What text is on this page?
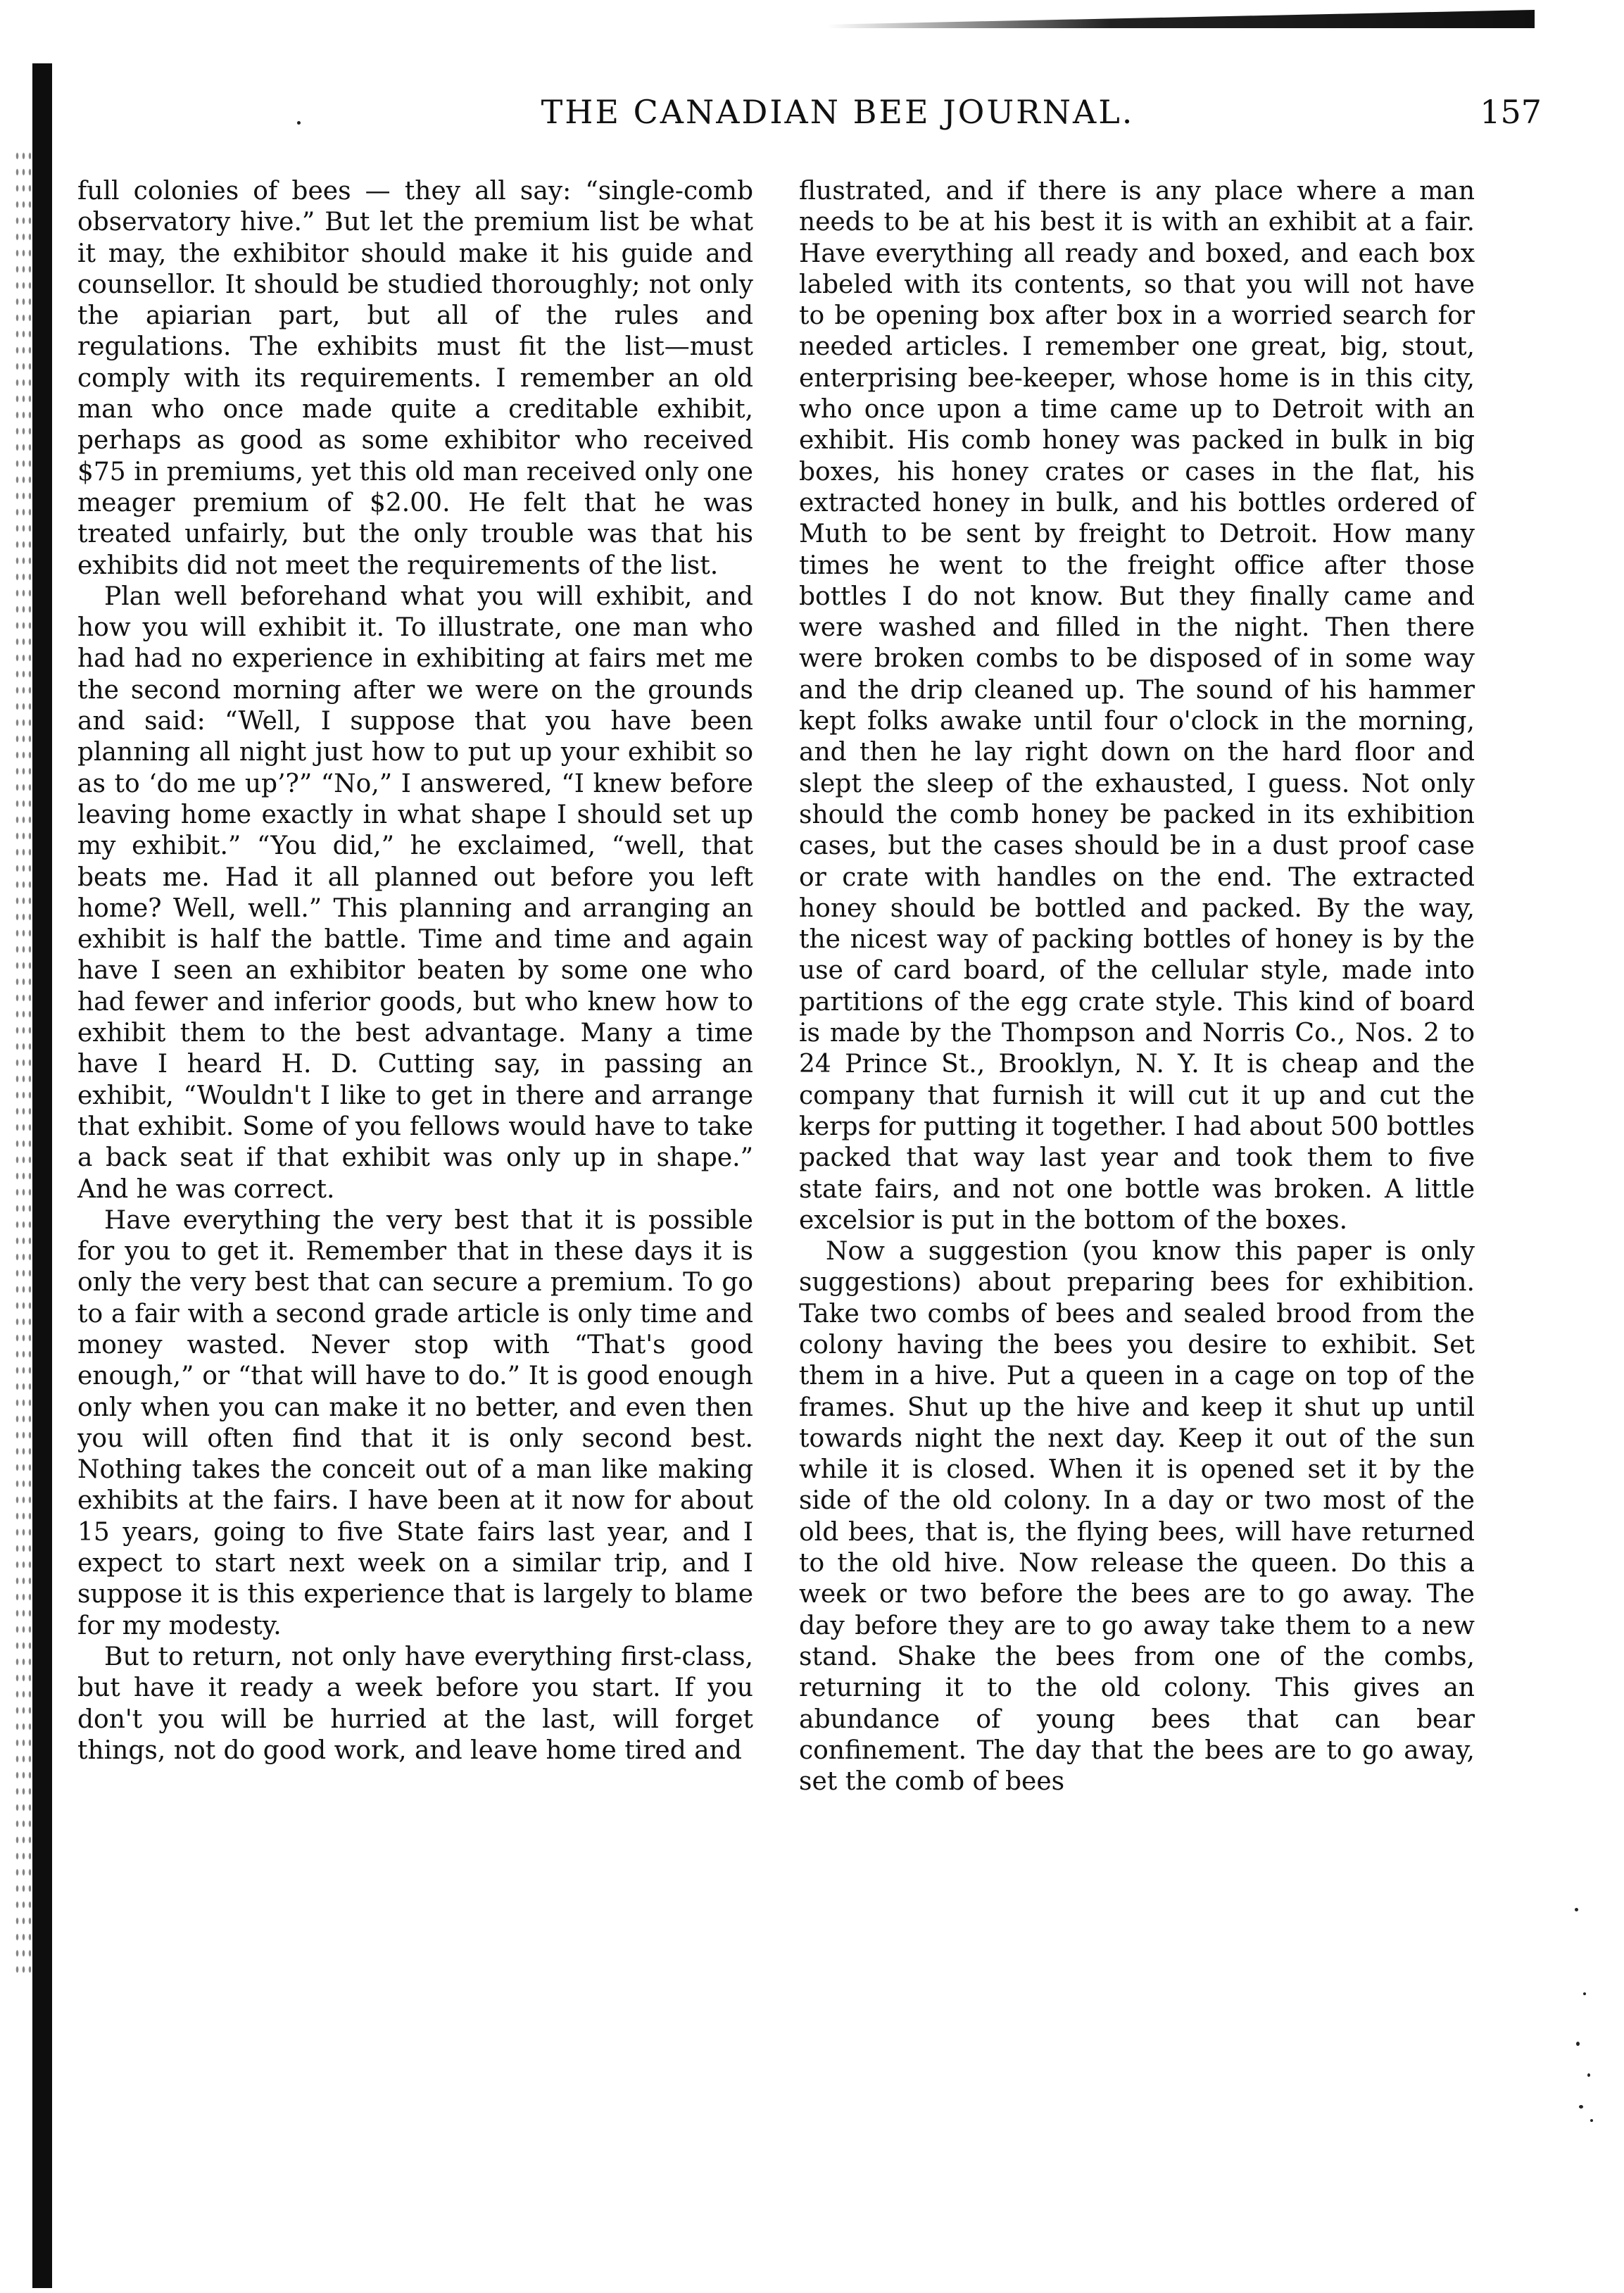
THE CANADIAN BEE JOURNAL.	157

full colonies of bees — they all say: “single-comb observatory hive.” But let the premium list be what it may, the exhibitor should make it his guide and counsellor. It should be studied thoroughly; not only the apiarian part, but all of the rules and regulations. The exhibits must fit the list—must comply with its requirements. I remember an old man who once made quite a creditable exhibit, perhaps as good as some exhibitor who received $75 in premiums, yet this old man received only one meager premium of $2.00. He felt that he was treated unfairly, but the only trouble was that his exhibits did not meet the requirements of the list.

Plan well beforehand what you will exhibit, and how you will exhibit it. To illustrate, one man who had had no experience in exhibiting at fairs met me the second morning after we were on the grounds and said: “Well, I suppose that you have been planning all night just how to put up your exhibit so as to ‘do me up’?” “No,” I answered, “I knew before leaving home exactly in what shape I should set up my exhibit.” “You did,” he exclaimed, “well, that beats me. Had it all planned out before you left home? Well, well.” This planning and arranging an exhibit is half the battle. Time and time and again have I seen an exhibitor beaten by some one who had fewer and inferior goods, but who knew how to exhibit them to the best advantage. Many a time have I heard H. D. Cutting say, in passing an exhibit, “Wouldn't I like to get in there and arrange that exhibit. Some of you fellows would have to take a back seat if that exhibit was only up in shape.” And he was correct.

Have everything the very best that it is possible for you to get it. Remember that in these days it is only the very best that can secure a premium. To go to a fair with a second grade article is only time and money wasted. Never stop with “That's good enough,” or “that will have to do.” It is good enough only when you can make it no better, and even then you will often find that it is only second best. Nothing takes the conceit out of a man like making exhibits at the fairs. I have been at it now for about 15 years, going to five State fairs last year, and I expect to start next week on a similar trip, and I suppose it is this experience that is largely to blame for my modesty.

But to return, not only have everything first-class, but have it ready a week before you start. If you don't you will be hurried at the last, will forget things, not do good work, and leave home tired and

flustrated, and if there is any place where a man needs to be at his best it is with an exhibit at a fair. Have everything all ready and boxed, and each box labeled with its contents, so that you will not have to be opening box after box in a worried search for needed articles. I remember one great, big, stout, enterprising bee-keeper, whose home is in this city, who once upon a time came up to Detroit with an exhibit. His comb honey was packed in bulk in big boxes, his honey crates or cases in the flat, his extracted honey in bulk, and his bottles ordered of Muth to be sent by freight to Detroit. How many times he went to the freight office after those bottles I do not know. But they finally came and were washed and filled in the night. Then there were broken combs to be disposed of in some way and the drip cleaned up. The sound of his hammer kept folks awake until four o'clock in the morning, and then he lay right down on the hard floor and slept the sleep of the exhausted, I guess. Not only should the comb honey be packed in its exhibition cases, but the cases should be in a dust proof case or crate with handles on the end. The extracted honey should be bottled and packed. By the way, the nicest way of packing bottles of honey is by the use of card board, of the cellular style, made into partitions of the egg crate style. This kind of board is made by the Thompson and Norris Co., Nos. 2 to 24 Prince St., Brooklyn, N. Y. It is cheap and the company that furnish it will cut it up and cut the kerps for putting it together. I had about 500 bottles packed that way last year and took them to five state fairs, and not one bottle was broken. A little excelsior is put in the bottom of the boxes.

Now a suggestion (you know this paper is only suggestions) about preparing bees for exhibition. Take two combs of bees and sealed brood from the colony having the bees you desire to exhibit. Set them in a hive. Put a queen in a cage on top of the frames. Shut up the hive and keep it shut up until towards night the next day. Keep it out of the sun while it is closed. When it is opened set it by the side of the old colony. In a day or two most of the old bees, that is, the flying bees, will have returned to the old hive. Now release the queen. Do this a week or two before the bees are to go away. The day before they are to go away take them to a new stand. Shake the bees from one of the combs, returning it to the old colony. This gives an abundance of young bees that can bear confinement. The day that the bees are to go away, set the comb of bees
